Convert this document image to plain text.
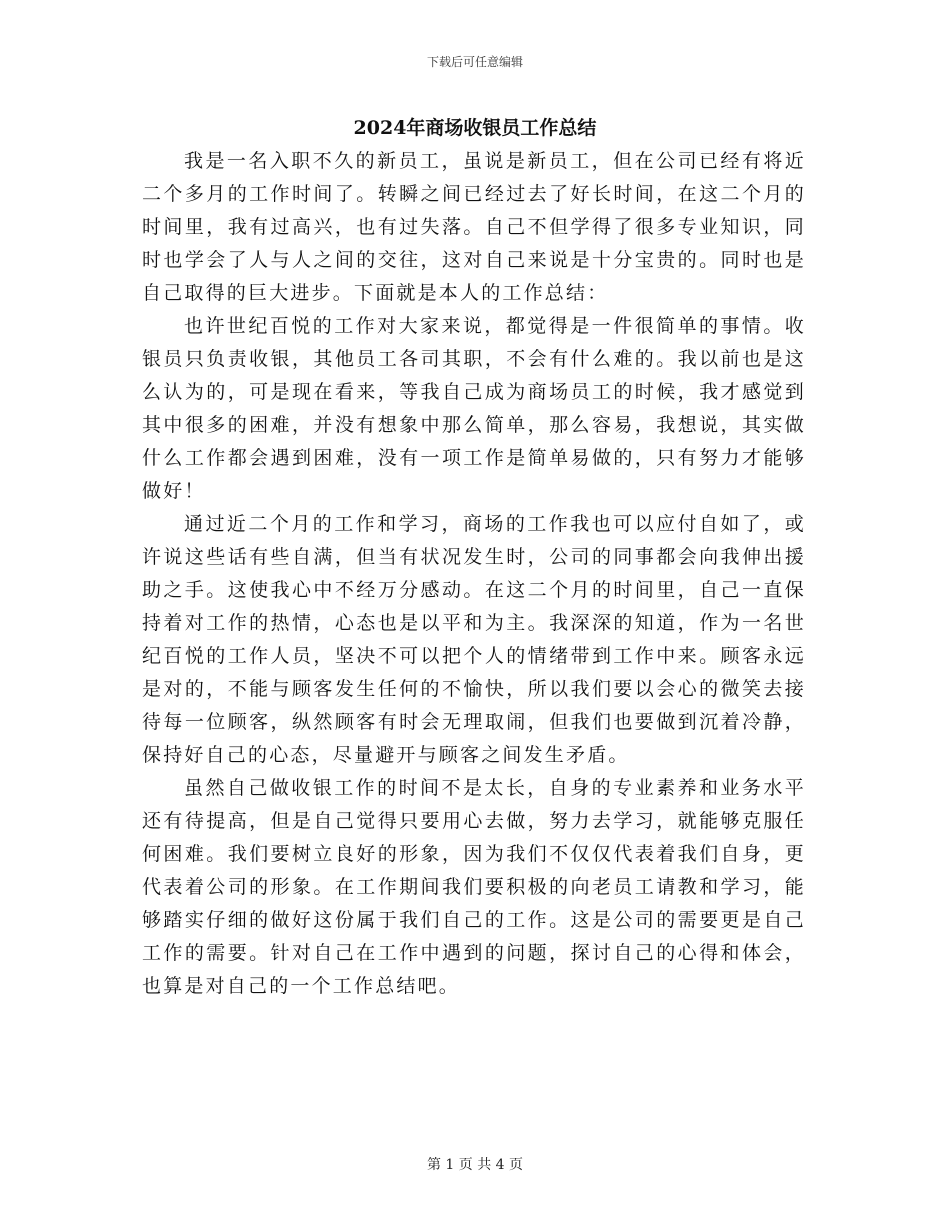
下载后可任意编辑
2024年商场收银员工作总结

我是一名入职不久的新员工，虽说是新员工，但在公司已经有将近二个多月的工作时间了。转瞬之间已经过去了好长时间，在这二个月的时间里，我有过高兴，也有过失落。自己不但学得了很多专业知识，同时也学会了人与人之间的交往，这对自己来说是十分宝贵的。同时也是自己取得的巨大进步。下面就是本人的工作总结：

也许世纪百悦的工作对大家来说，都觉得是一件很简单的事情。收银员只负责收银，其他员工各司其职，不会有什么难的。我以前也是这么认为的，可是现在看来，等我自己成为商场员工的时候，我才感觉到其中很多的困难，并没有想象中那么简单，那么容易，我想说，其实做什么工作都会遇到困难，没有一项工作是简单易做的，只有努力才能够做好！

通过近二个月的工作和学习，商场的工作我也可以应付自如了，或许说这些话有些自满，但当有状况发生时，公司的同事都会向我伸出援助之手。这使我心中不经万分感动。在这二个月的时间里，自己一直保持着对工作的热情，心态也是以平和为主。我深深的知道，作为一名世纪百悦的工作人员，坚决不可以把个人的情绪带到工作中来。顾客永远是对的，不能与顾客发生任何的不愉快，所以我们要以会心的微笑去接待每一位顾客，纵然顾客有时会无理取闹，但我们也要做到沉着冷静，保持好自己的心态，尽量避开与顾客之间发生矛盾。

虽然自己做收银工作的时间不是太长，自身的专业素养和业务水平还有待提高，但是自己觉得只要用心去做，努力去学习，就能够克服任何困难。我们要树立良好的形象，因为我们不仅仅代表着我们自身，更代表着公司的形象。在工作期间我们要积极的向老员工请教和学习，能够踏实仔细的做好这份属于我们自己的工作。这是公司的需要更是自己工作的需要。针对自己在工作中遇到的问题，探讨自己的心得和体会，也算是对自己的一个工作总结吧。

第 1 页 共 4 页
